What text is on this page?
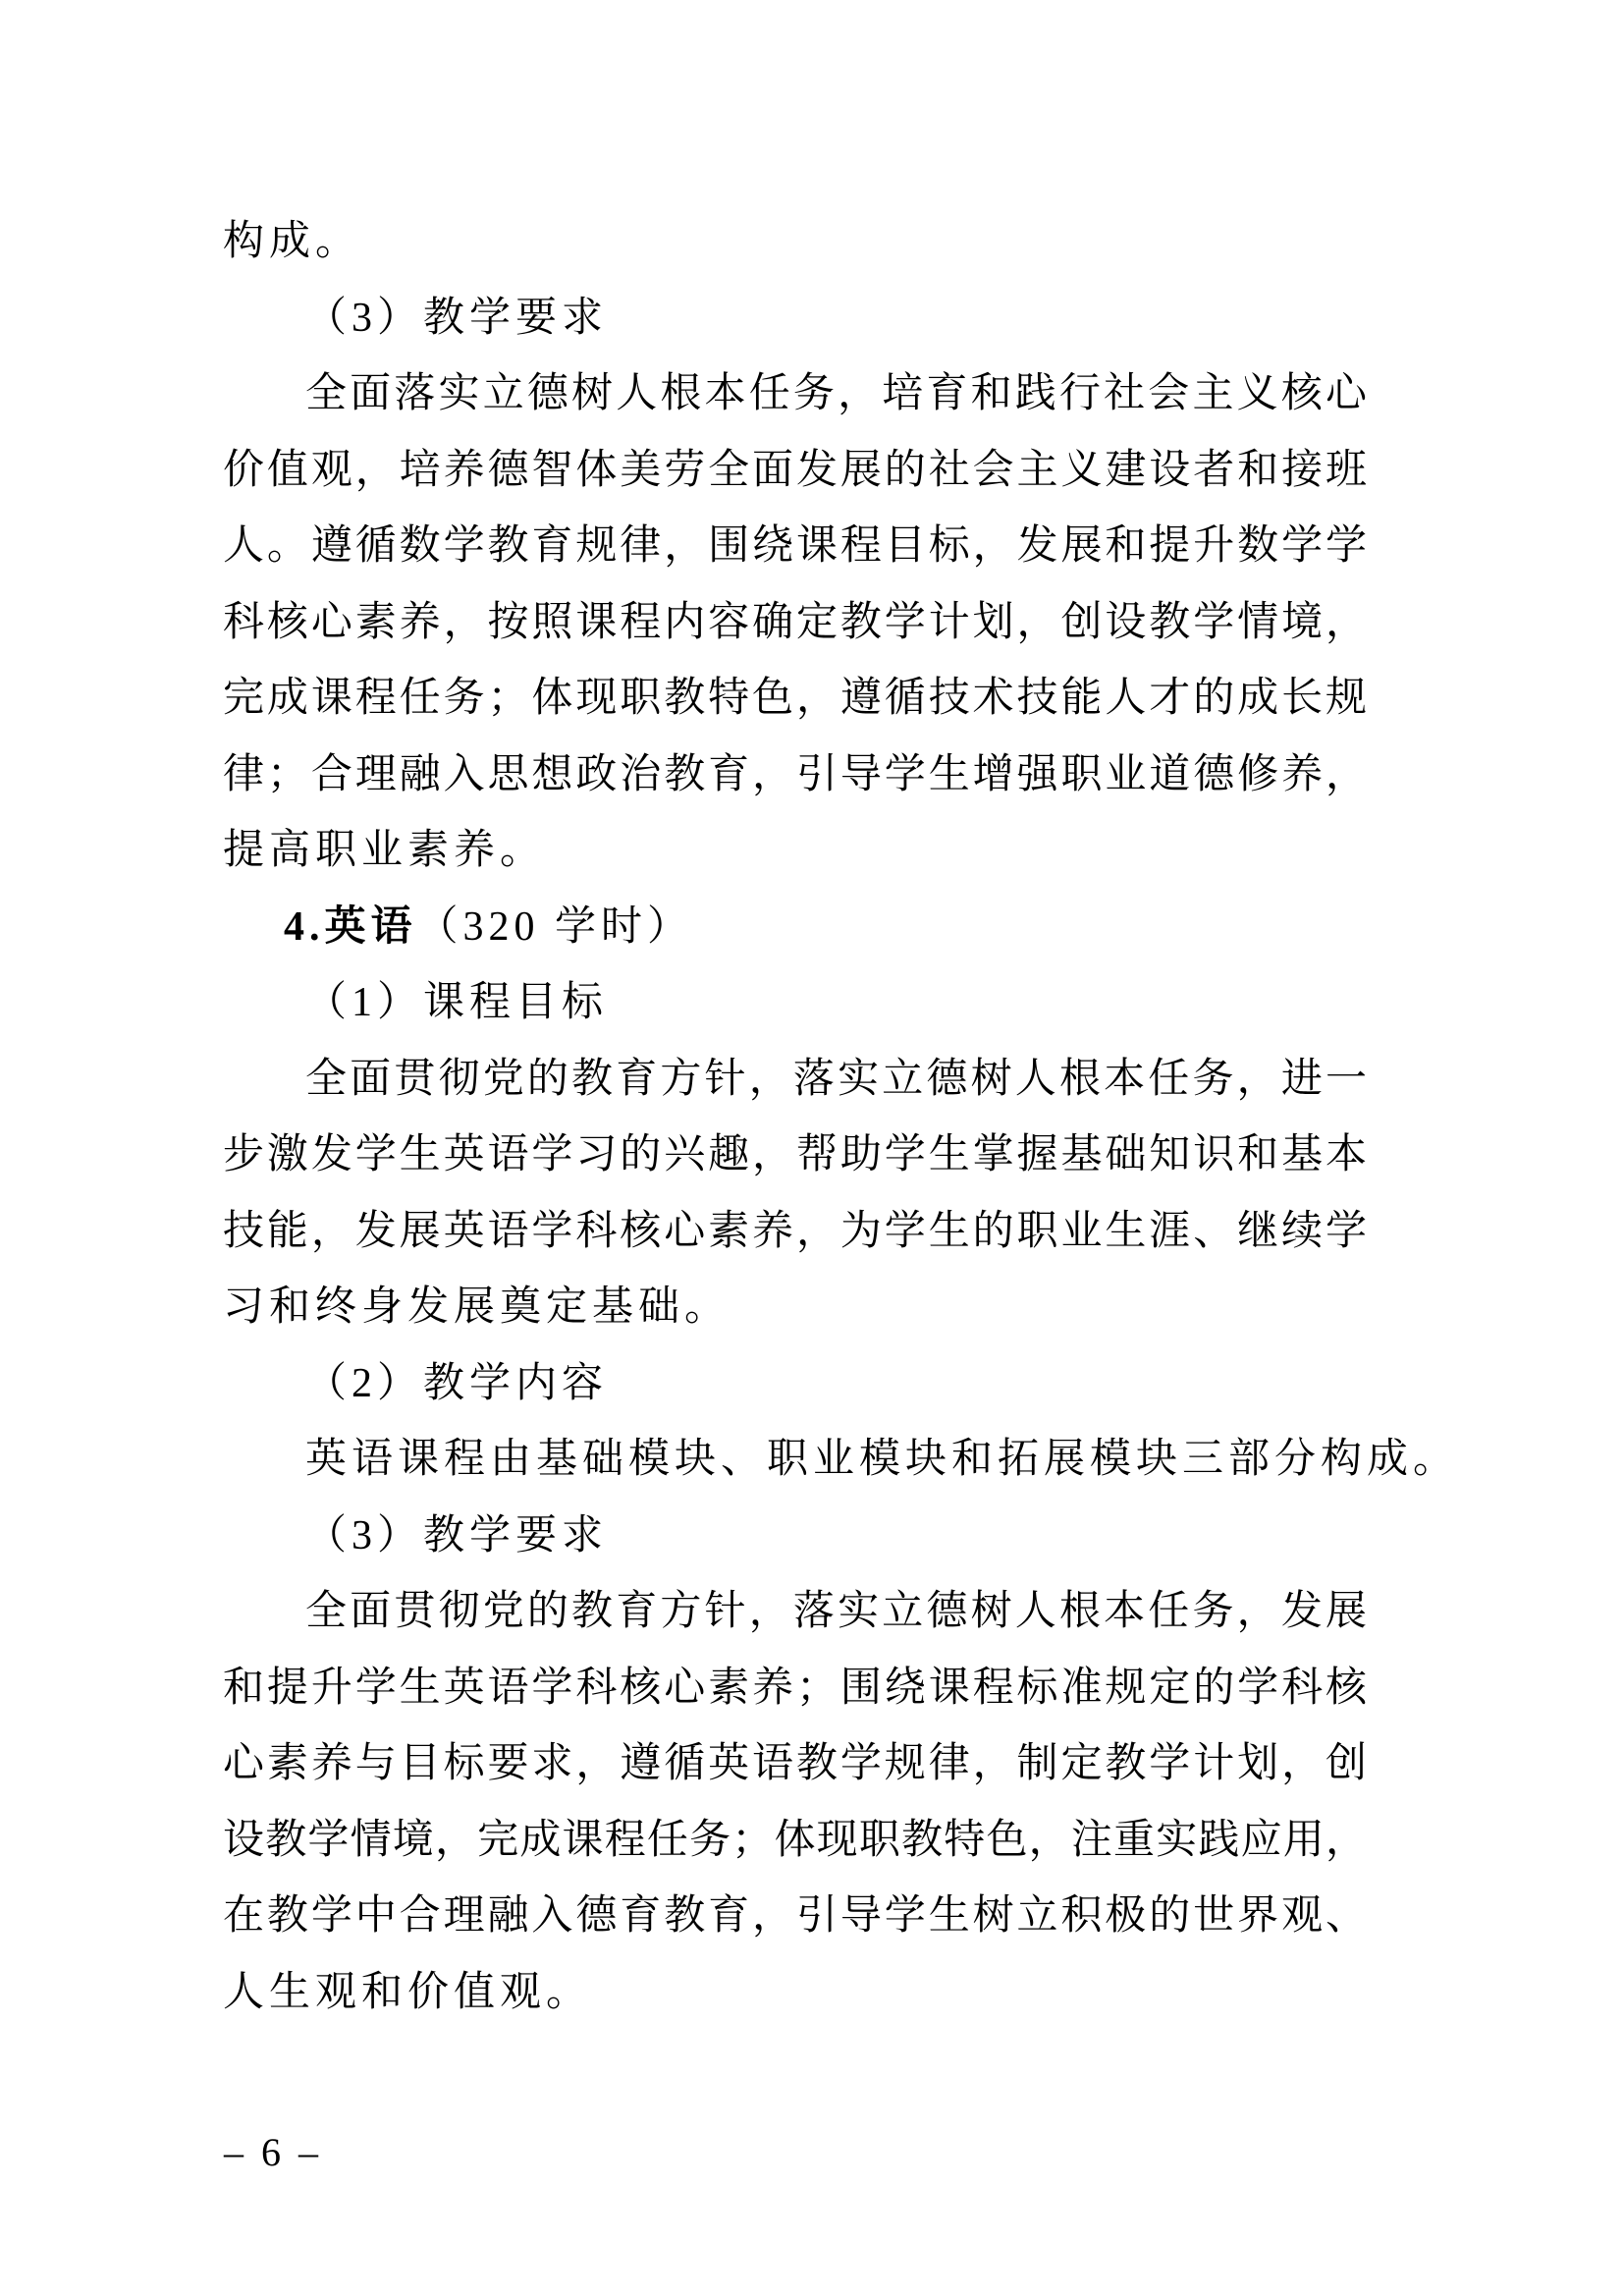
构成。
（3）教学要求
全面落实立德树人根本任务，培育和践行社会主义核心
价值观，培养德智体美劳全面发展的社会主义建设者和接班
人。遵循数学教育规律，围绕课程目标，发展和提升数学学
科核心素养，按照课程内容确定教学计划，创设教学情境，
完成课程任务；体现职教特色，遵循技术技能人才的成长规
律；合理融入思想政治教育，引导学生增强职业道德修养，
提高职业素养。
4.英语（320 学时）
（1）课程目标
全面贯彻党的教育方针，落实立德树人根本任务，进一
步激发学生英语学习的兴趣，帮助学生掌握基础知识和基本
技能，发展英语学科核心素养，为学生的职业生涯、继续学
习和终身发展奠定基础。
（2）教学内容
英语课程由基础模块、职业模块和拓展模块三部分构成。
（3）教学要求
全面贯彻党的教育方针，落实立德树人根本任务，发展
和提升学生英语学科核心素养；围绕课程标准规定的学科核
心素养与目标要求，遵循英语教学规律，制定教学计划，创
设教学情境，完成课程任务；体现职教特色，注重实践应用，
在教学中合理融入德育教育，引导学生树立积极的世界观、
人生观和价值观。
– 6 –
